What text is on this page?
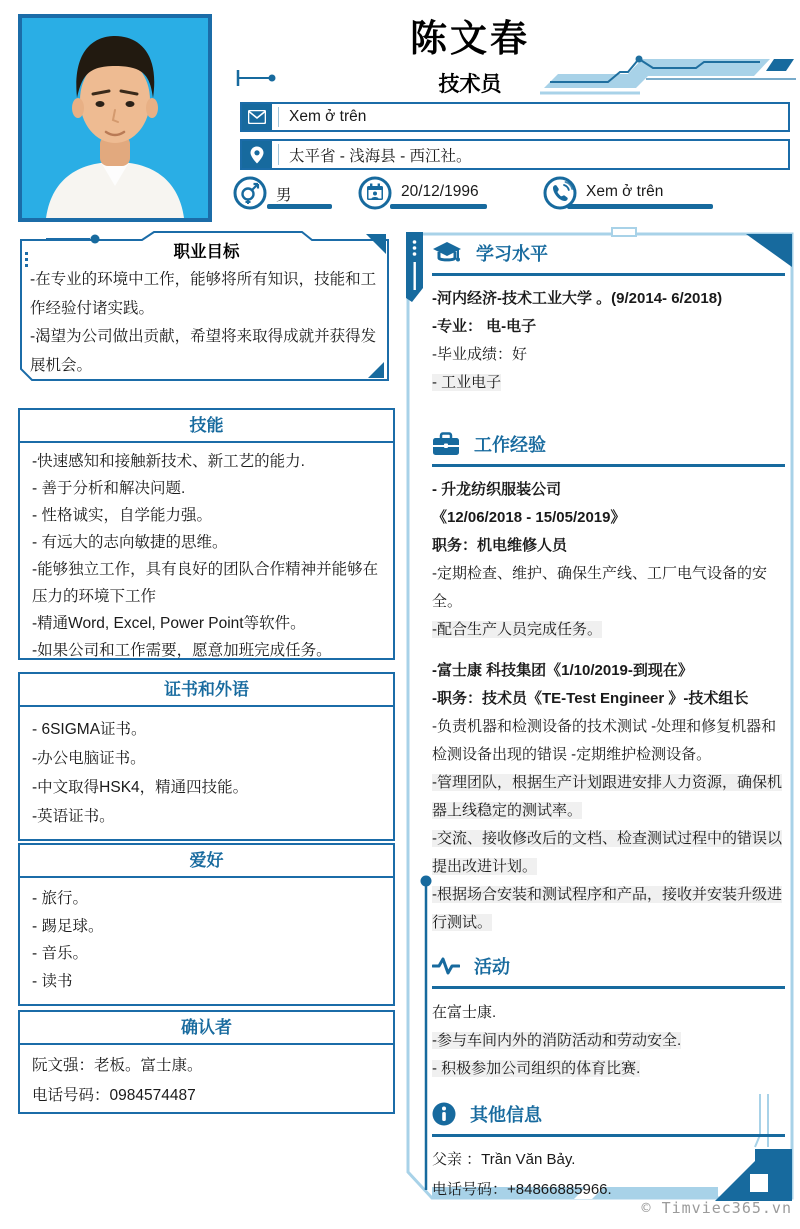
陈文春
技术员
Xem ở trên
太平省 - 浅海县 - 西江社。
男	20/12/1996	Xem ở trên
职业目标
-在专业的环境中工作，能够将所有知识，技能和工作经验付诸实践。
-渴望为公司做出贡献，希望将来取得成就并获得发展机会。
技能
-快速感知和接触新技术、新工艺的能力.
- 善于分析和解决问题.
- 性格诚实，自学能力强。
- 有远大的志向敏捷的思维。
-能够独立工作，具有良好的团队合作精神并能够在压力的环境下工作
-精通Word, Excel, Power Point等软件。
-如果公司和工作需要，愿意加班完成任务。
证书和外语
- 6SIGMA证书。
-办公电脑证书。
-中文取得HSK4，精通四技能。
-英语证书。
爱好
- 旅行。
- 踢足球。
- 音乐。
- 读书
确认者
阮文强：老板。富士康。
电话号码：0984574487
学习水平

-河内经济-技术工业大学 。(9/2014- 6/2018)

-专业： 电-电子

-毕业成绩：好

- 工业电子

工作经验

- 升龙纺织服装公司

《12/06/2018 - 15/05/2019》

职务：机电维修人员

-定期检查、维护、确保生产线、工厂电气设备的安全。

-配合生产人员完成任务。

-富士康 科技集团《1/10/2019-到现在》

-职务：技术员《TE-Test Engineer 》-技术组长

-负责机器和检测设备的技术测试 -处理和修复机器和检测设备出现的错误 -定期维护检测设备。

-管理团队，根据生产计划跟进安排人力资源，确保机器上线稳定的测试率。

-交流、接收修改后的文档、检查测试过程中的错误以提出改进计划。

-根据场合安装和测试程序和产品，接收并安装升级进行测试。

活动

在富士康.

-参与车间内外的消防活动和劳动安全.

- 积极参加公司组织的体育比赛.

其他信息

父亲 ：Trần Văn Bảy.

电话号码：+84866885966.

© Timviec365.vn
